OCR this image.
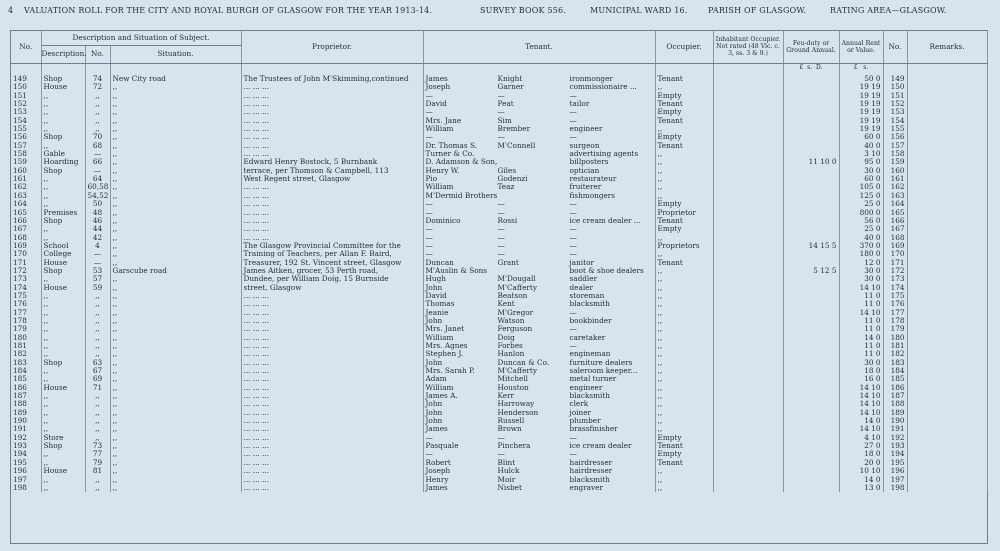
4 VALUATION ROLL FOR THE CITY AND ROYAL BURGH OF GLASGOW FOR THE YEAR 1913-14.	SURVEY BOOK 556.	MUNICIPAL WARD 16.	PARISH OF GLASGOW.	RATING AREA—GLASGOW.
No.	Description and Situation of Subject.			Proprietor.	Tenant.	Occupier.	Inhabitant Occupier. Not rated (48 Vic. c. 3, ss. 3 & 9.)	Feu-duty or Ground Annual.	Annual Rent or Value.	No.	Remarks.
	Description.	No.	Situation.								
								£ s. D.	£ s.		
149	Shop	74	New City road	The Trustees of John M'Skimming,continued	James Knight ironmonger	Tenant			50 0	149	
150	House	72	,,	... ... ...	Joseph Garner commissionaire ...	,,			19 19	150	
151	,,	,,	,,	... ... ...	— — —	Empty			19 19	151	
152	,,	,,	,,	... ... ...	David Peat tailor	Tenant			19 19	152	
153	,,	,,	,,	... ... ...	— — —	Empty			19 19	153	
154	,,	,,	,,	... ... ...	Mrs. Jane Sim —	Tenant			19 19	154	
155	,,	,,	,,	... ... ...	William Brember engineer	,,			19 19	155	
156	Shop	70	,,	... ... ...	— — —	Empty			60 0	156	
157	,,	68	,,	... ... ...	Dr. Thomas S. M'Connell surgeon	Tenant			40 0	157	
158	Gable	—	,,	... ... ...	Turner & Co. advertising agents	,,			3 10	158	
159	Hoarding	66	,,	Edward Henry Bostock, 5 Burnbank	D. Adamson & Son, billposters	,,		11 10 0	95 0	159	
160	Shop	—	,,	terrace, per Thomson & Campbell, 113	Henry W. Giles optician	,,			30 0	160	
161	,,	64	,,	West Regent street, Glasgow	Pio Godenzi restaurateur	,,			60 0	161	
162	,,	60,58	,,	... ... ...	William Teaz fruiterer	,,			105 0	162	
163	,,	54,52	,,	... ... ...	M'Dermid Brothers fishmongers	,,			125 0	163	
164	,,	50	,,	... ... ...	— — —	Empty			25 0	164	
165	Premises	48	,,	... ... ...	— — —	Proprietor			800 0	165	
166	Shop	46	,,	... ... ...	Dominico Rossi ice cream dealer ...	Tenant			56 0	166	
167	,,	44	,,	... ... ...	— — —	Empty			25 0	167	
168	,,	42	,,	... ... ...	— — —	,,			40 0	168	
169	School	4	,,	The Glasgow Provincial Committee for the	— — —	Proprietors		14 15 5	370 0	169	
170	College	—	,,	Training of Teachers, per Allan F. Baird,	— — —	,,			180 0	170	
171	House	—	,,	Treasurer, 192 St. Vincent street, Glasgow	Duncan Grant janitor	Tenant			12 0	171	
172	Shop	53	Garscube road	James Aitken, grocer, 53 Perth road,	M'Auslin & Sons boot & shoe dealers	,,		5 12 5	30 0	172	
173	,,	57	,,	Dundee, per William Doig, 15 Burnside	Hugh M'Dougall saddler	,,			30 0	173	
174	House	59	,,	street, Glasgow	John M'Cafferty dealer	,,			14 10	174	
175	,,	,,	,,	... ... ...	David Beatson storeman	,,			11 0	175	
176	,,	,,	,,	... ... ...	Thomas Kent blacksmith	,,			11 0	176	
177	,,	,,	,,	... ... ...	Jeanie M'Gregor —	,,			14 10	177	
178	,,	,,	,,	... ... ...	John Watson bookbinder	,,			11 0	178	
179	,,	,,	,,	... ... ...	Mrs. Janet Ferguson —	,,			11 0	179	
180	,,	,,	,,	... ... ...	William Doig caretaker	,,			14 0	180	
181	,,	,,	,,	... ... ...	Mrs. Agnes Forbes —	,,			11 0	181	
182	,,	,,	,,	... ... ...	Stephen J. Hanlon engineman	,,			11 0	182	
183	Shop	63	,,	... ... ...	John Duncan & Co. furniture dealers	,,			30 0	183	
184	,,	67	,,	... ... ...	Mrs. Sarah P. M'Cafferty saleroom keeper...	,,			18 0	184	
185	,,	69	,,	... ... ...	Adam Mitchell metal turner	,,			16 0	185	
186	House	71	,,	... ... ...	William Houston engineer	,,			14 10	186	
187	,,	,,	,,	... ... ...	James A. Kerr blacksmith	,,			14 10	187	
188	,,	,,	,,	... ... ...	John Harroway clerk	,,			14 10	188	
189	,,	,,	,,	... ... ...	John Henderson joiner	,,			14 10	189	
190	,,	,,	,,	... ... ...	John Russell plumber	,,			14 0	190	
191	,,	,,	,,	... ... ...	James Brown brassfinisher	,,			14 10	191	
192	Store	,,	,,	... ... ...	— — —	Empty			4 10	192	
193	Shop	73	,,	... ... ...	Pasquale Pinchera ice cream dealer	Tenant			27 0	193	
194	,,	77	,,	... ... ...	— — —	Empty			18 0	194	
195	,,	79	,,	... ... ...	Robert Blint hairdresser	Tenant			20 0	195	
196	House	81	,,	... ... ...	Joseph Hulck hairdresser	,,			10 10	196	
197	,,	,,	,,	... ... ...	Henry Moir blacksmith	,,			14 0	197	
198	,,	,,	,,	... ... ...	James Nisbet engraver	,,			13 0	198	
